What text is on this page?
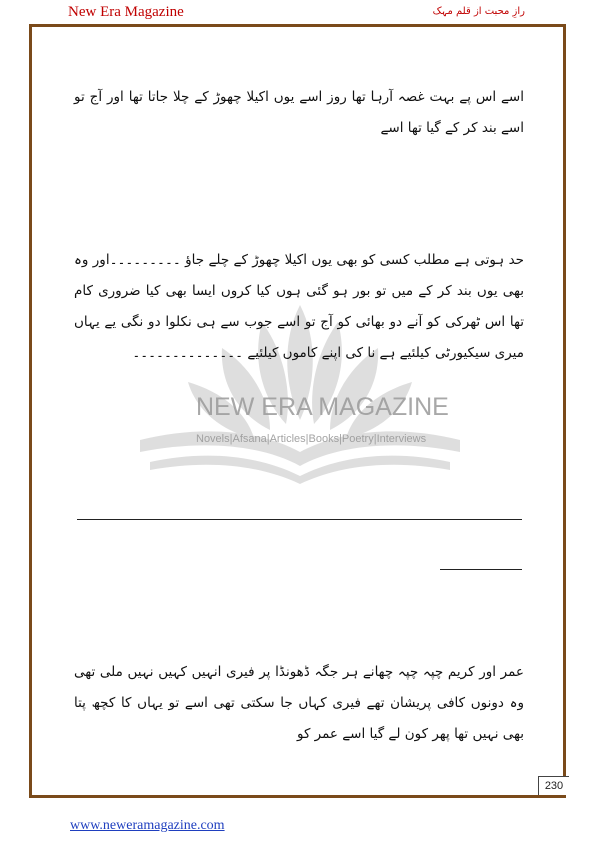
New Era Magazine	رازِ محبت از قلم مہک
NEW ERA MAGAZINE
Novels|Afsana|Articles|Books|Poetry|Interviews
اسے اس پے بہت غصہ آرہا تھا روز اسے یوں اکیلا چھوڑ کے چلا جاتا تھا اور آج تو اسے بند کر کے گیا تھا اسے
حد ہوتی ہے مطلب کسی کو بھی یوں اکیلا چھوڑ کے چلے جاؤ ۔۔۔۔۔۔۔۔۔اور وہ بھی یوں بند کر کے میں تو بور ہو گئی ہوں کیا کروں ایسا بھی کیا ضروری کام تھا اس ٹھرکی کو آنے دو بھائی کو آج تو اسے جوب سے ہی نکلوا دو نگی یے یہاں میری سیکیورٹی کیلئیے ہے نا کی اپنے کاموں کیلئیے ۔۔۔۔۔۔۔۔۔۔۔۔۔۔
عمر اور کریم چپہ چپہ چھانے ہر جگہ ڈھونڈا پر فیری انہیں کہیں نہیں ملی تھی وہ دونوں کافی پریشان تھے فیری کہاں جا سکتی تھی اسے تو یہاں کا کچھ پتا بھی نہیں تھا پھر کون لے گیا اسے عمر کو
230
www.neweramagazine.com
